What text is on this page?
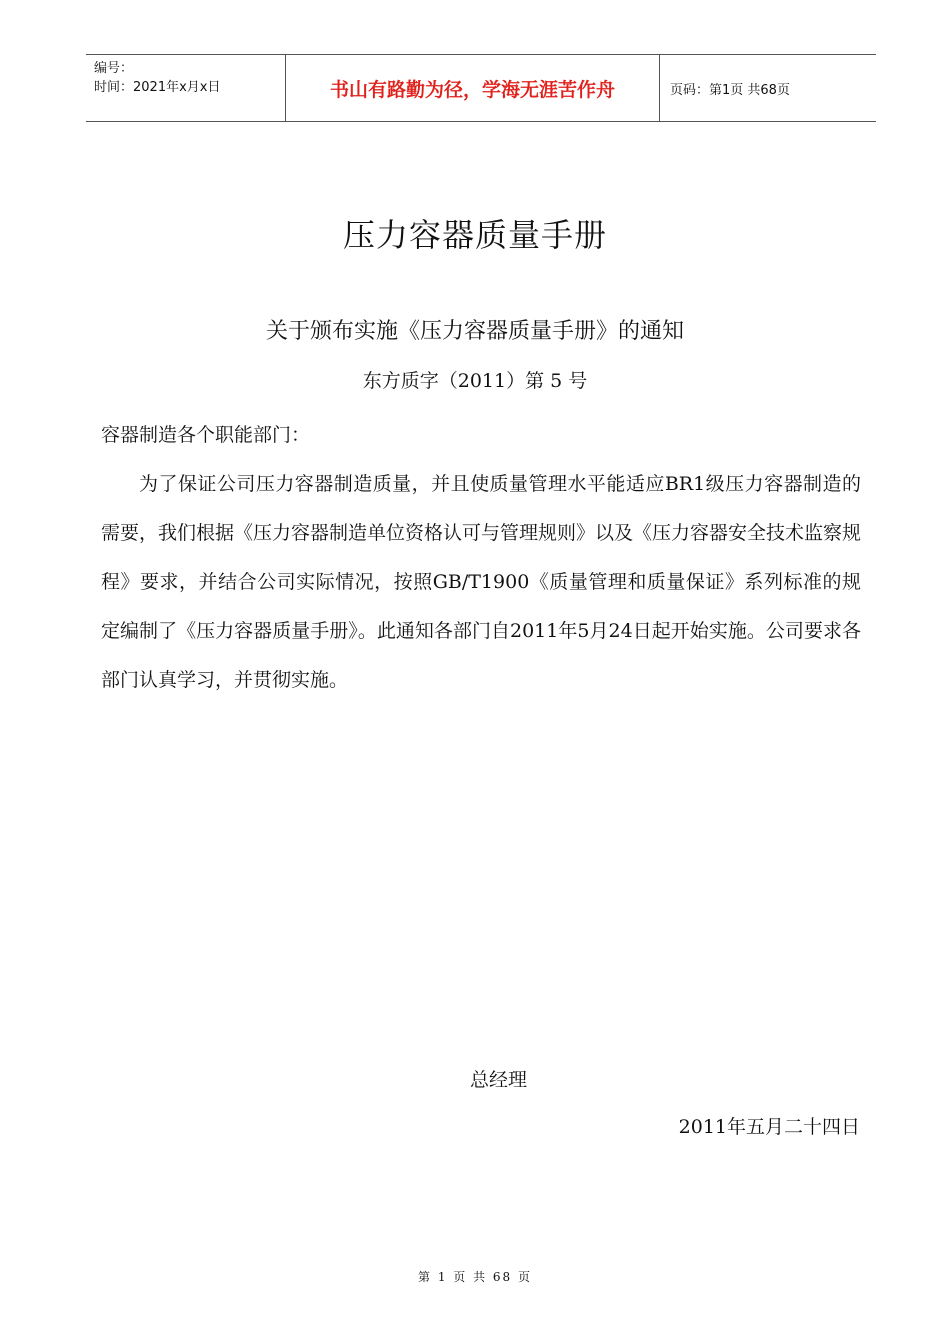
编号：
时间：2021年x月x日	书山有路勤为径，学海无涯苦作舟	页码：第1页 共68页
压力容器质量手册
关于颁布实施《压力容器质量手册》的通知
东方质字（2011）第 5 号
容器制造各个职能部门：

为了保证公司压力容器制造质量，并且使质量管理水平能适应BR1级压力容器制造的需要，我们根据《压力容器制造单位资格认可与管理规则》以及《压力容器安全技术监察规程》要求，并结合公司实际情况，按照GB/T1900《质量管理和质量保证》系列标准的规定编制了《压力容器质量手册》。此通知各部门自2011年5月24日起开始实施。公司要求各部门认真学习，并贯彻实施。

总经理
2011年五月二十四日
第 1 页 共 68 页
